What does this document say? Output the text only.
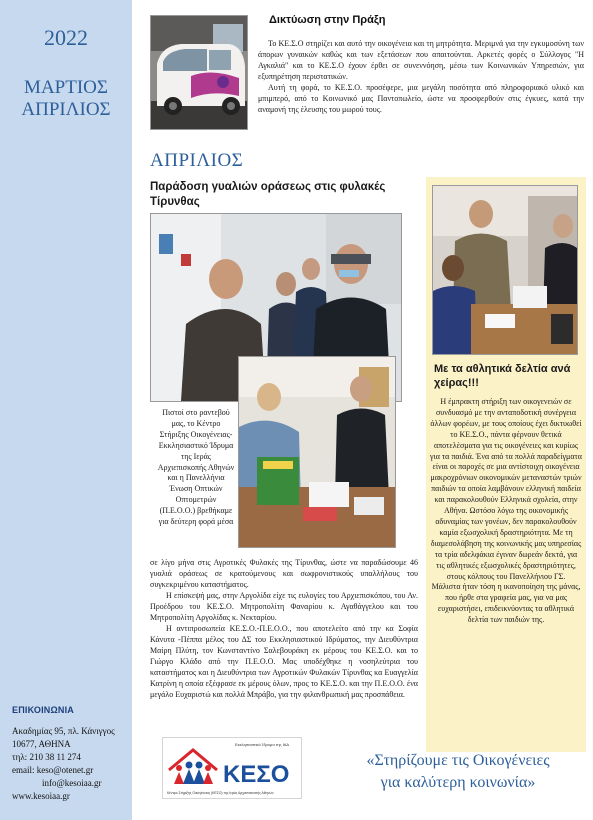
2022
ΜΑΡΤΙΟΣ
ΑΠΡΙΛΙΟΣ
ΕΠΙΚΟΙΝΩΝΙΑ
Ακαδημίας 95, πλ. Κάνιγγος
10677, ΑΘΗΝΑ
τηλ: 210 38 11 274
email: keso@otenet.gr
info@kesoiaa.gr
www.kesoiaa.gr
Δικτύωση στην Πράξη

Το ΚΕ.Σ.Ο στηρίζει και αυτό την οικογένεια και τη μητρότητα. Μεριμνά για την εγκυμοσύνη των άπορων γυναικών καθώς και των εξετάσεων που απαιτούνται. Αρκετές φορές ο Σύλλογος "Η Αγκαλιά" και το ΚΕ.Σ.Ο έχουν έρθει σε συνεννόηση, μέσω των Κοινωνικών Υπηρεσιών, για εξυπηρέτηση περιστατικών.

Αυτή τη φορά, το ΚΕ.Σ.Ο. προσέφερε, μια μεγάλη ποσότητα από πληροφοριακό υλικό και μπιμπερό, από το Κοινωνικό μας Παντοπωλείο, ώστε να προσφερθούν στις έγκυες, κατά την αναμονή της έλευσης του μωρού τους.

ΑΠΡΙΛΙΟΣ
Παράδοση γυαλιών οράσεως στις φυλακές Τίρυνθας
Πιστοί στο ραντεβού μας, το Κέντρο Στήριξης Οικογένειας-Εκκλησιαστικό Ίδρυμα της Ιεράς Αρχιεπισκοπής Αθηνών και η Πανελλήνια Ένωση Οπτικών Οπτομετρών (Π.Ε.Ο.Ο.) βρεθήκαμε για δεύτερη φορά μέσα

σε λίγο μήνα στις Αγροτικές Φυλακές της Τίρυνθας, ώστε να παραδώσουμε 46 γυαλιά οράσεως σε κρατούμενους και σωφρονιστικούς υπαλλήλους του συγκεκριμένου καταστήματος.

Η επίσκεψή μας, στην Αργολίδα είχε τις ευλογίες του Αρχιεπισκόπου, του Αν. Προέδρου του ΚΕ.Σ.Ο. Μητροπολίτη Φαναρίου κ. Αγαθάγγελου και του Μητροπολίτη Αργολίδας κ. Νεκταρίου.

Η αντιπροσωπεία ΚΕ.Σ.Ο.-Π.Ε.Ο.Ο., που αποτελείτο από την κα Σοφία Κάνυτα -Πέππα μέλος του ΔΣ του Εκκλησιαστικού Ιδρύματος, την Διευθύντρια Μαίρη Πλύτη, τον Κωνσταντίνο Σαλεβουράκη εκ μέρους του ΚΕ.Σ.Ο. και το Γιώργο Κλάδο από την Π.Ε.Ο.Ο. Μας υποδέχθηκε η νοσηλεύτρια του καταστήματος και η Διευθύντρια των Αγροτικών Φυλακών Τίρυνθας κα Ευαγγελία Κατρίνη η οποία εξέφρασε εκ μέρους όλων, προς το ΚΕ.Σ.Ο. και την Π.Ε.Ο.Ο. ένα μεγάλο Ευχαριστώ και πολλά Μπράβο, για την φιλανθρωπική μας προσπάθεια.

Με τα αθλητικά δελτία ανά χείρας!!!

Η έμπρακτη στήριξη των οικογενειών σε συνδυασμό με την ανταποδοτική συνέργεια άλλων φορέων, με τους οποίους έχει δικτυωθεί το ΚΕ.Σ.Ο., πάντα φέρνουν θετικά αποτελέσματα για τις οικογένειες και κυρίως για τα παιδιά. Ένα από τα πολλά παραδείγματα είναι οι παροχές σε μια αντίστοιχη οικογένεια μακροχρόνιων οικονομικών μεταναστών τριών παιδιών τα οποία λαμβάνουν ελληνική παιδεία και παρακολουθούν Ελληνικά σχολεία, στην Αθήνα. Ωστόσο λόγω της οικονομικής αδυναμίας των γονέων, δεν παρακολουθούν καμία εξωσχολική δραστηριότητα. Με τη διαμεσολάβηση της κοινωνικής μας υπηρεσίας τα τρία αδελφάκια έγιναν δωρεάν δεκτά, για τις αθλητικές εξωσχολικές δραστηριότητες, στους κόλπους του Πανελλήνιου ΓΣ.

Μάλιστα ήταν τόση η ικανοποίηση της μάνας, που ήρθε στα γραφεία μας, για να μας ευχαριστήσει, επιδεικνύοντας τα αθλητικά δελτία των παιδιών της.

Εκκλησιαστικό Ίδρυμα της ΙΑΑ
ΚΕΣΟ
Κέντρο Στήριξης Οικογένειας (ΚΕΣΟ) της Ιεράς Αρχιεπισκοπής Αθηνών
«Στηρίζουμε τις Οικογένειες
για καλύτερη κοινωνία»
